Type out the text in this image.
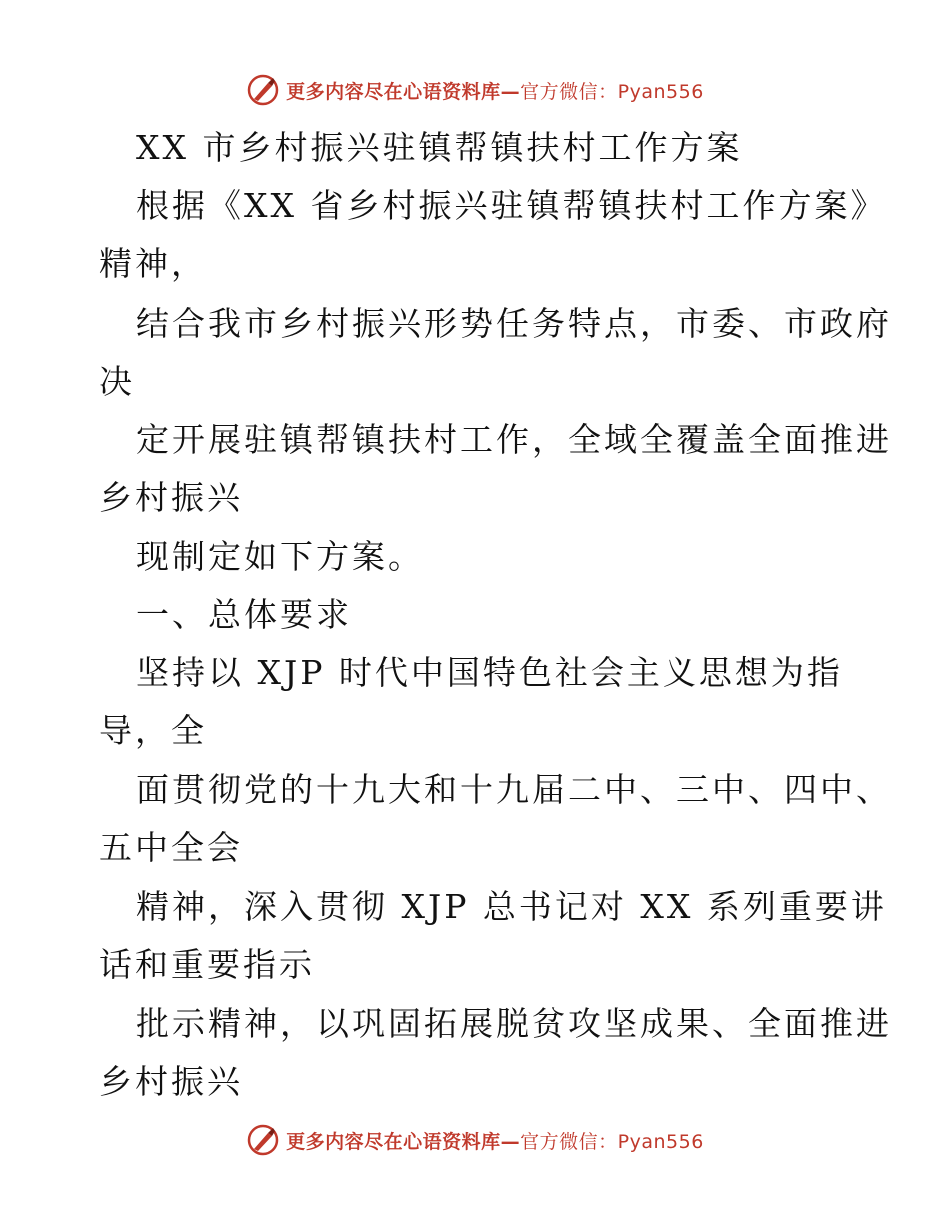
更多内容尽在心语资料库—官方微信：Pyan556
XX 市乡村振兴驻镇帮镇扶村工作方案
根据《XX 省乡村振兴驻镇帮镇扶村工作方案》
精神，
结合我市乡村振兴形势任务特点，市委、市政府
决
定开展驻镇帮镇扶村工作，全域全覆盖全面推进
乡村振兴
现制定如下方案。
一、总体要求
坚持以 XJP 时代中国特色社会主义思想为指
导，全
面贯彻党的十九大和十九届二中、三中、四中、
五中全会
精神，深入贯彻 XJP 总书记对 XX 系列重要讲
话和重要指示
批示精神，以巩固拓展脱贫攻坚成果、全面推进
乡村振兴
更多内容尽在心语资料库—官方微信：Pyan556
